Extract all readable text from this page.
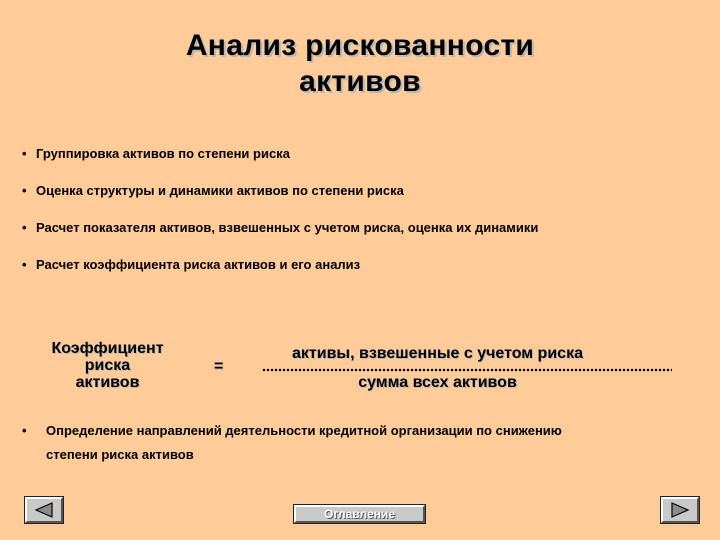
Анализ рискованности
активов
• Группировка активов по степени риска
• Оценка структуры и динамики активов по степени риска
• Расчет показателя активов, взвешенных с учетом риска, оценка их динамики
• Расчет коэффициента риска активов и его анализ
Коэффициент
риска
активов
=
активы, взвешенные с учетом риска
сумма всех активов
• Определение направлений деятельности кредитной организации по снижению
степени риска активов
Оглавление
